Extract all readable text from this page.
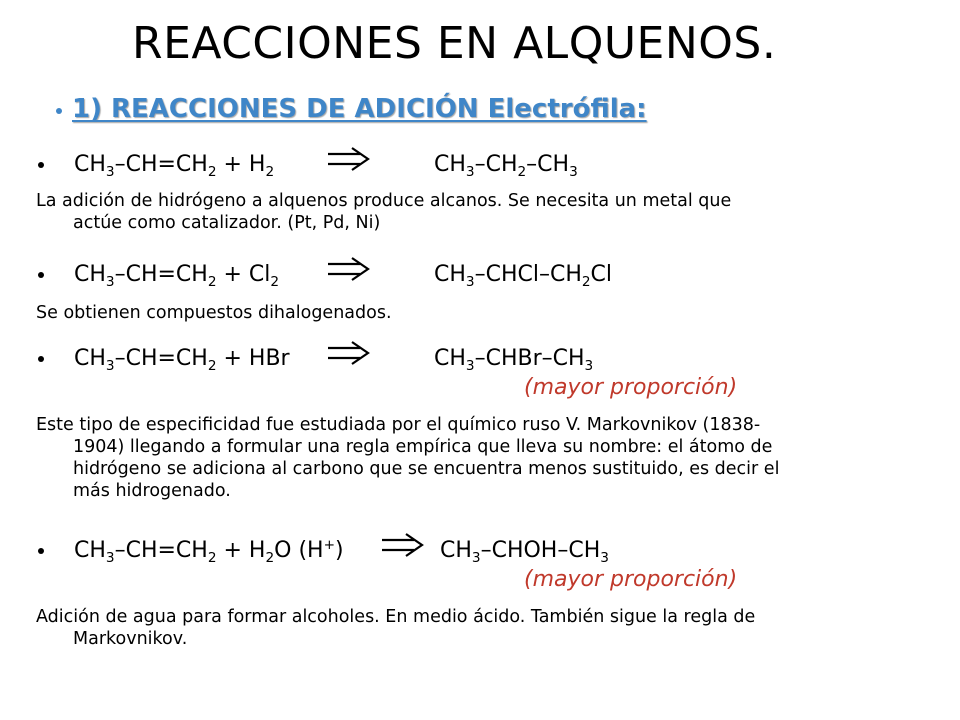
REACCIONES EN ALQUENOS.
1) REACCIONES DE ADICIÓN Electrófila:
$CH_3-CH=CH_2 + H_2$	$CH_3-CH_2-CH_3$
La adición de hidrógeno a alquenos produce alcanos. Se necesita un metal que
actúe como catalizador. (Pt, Pd, Ni)
$CH_3-CH=CH_2 + Cl_2$	$CH_3-CHCl-CH_2Cl$
Se obtienen compuestos dihalogenados.
$CH_3-CH=CH_2$ + HBr	$CH_3-CHBr-CH_3$
(mayor proporción)
Este tipo de especificidad fue estudiada por el químico ruso V. Markovnikov (1838-
1904) llegando a formular una regla empírica que lleva su nombre: el átomo de
hidrógeno se adiciona al carbono que se encuentra menos sustituido, es decir el
más hidrogenado.
$CH_3-CH=CH_2 + H_2O$ (H+)	$CH_3-CHOH-CH_3$
(mayor proporción)
Adición de agua para formar alcoholes. En medio ácido. También sigue la regla de
Markovnikov.
